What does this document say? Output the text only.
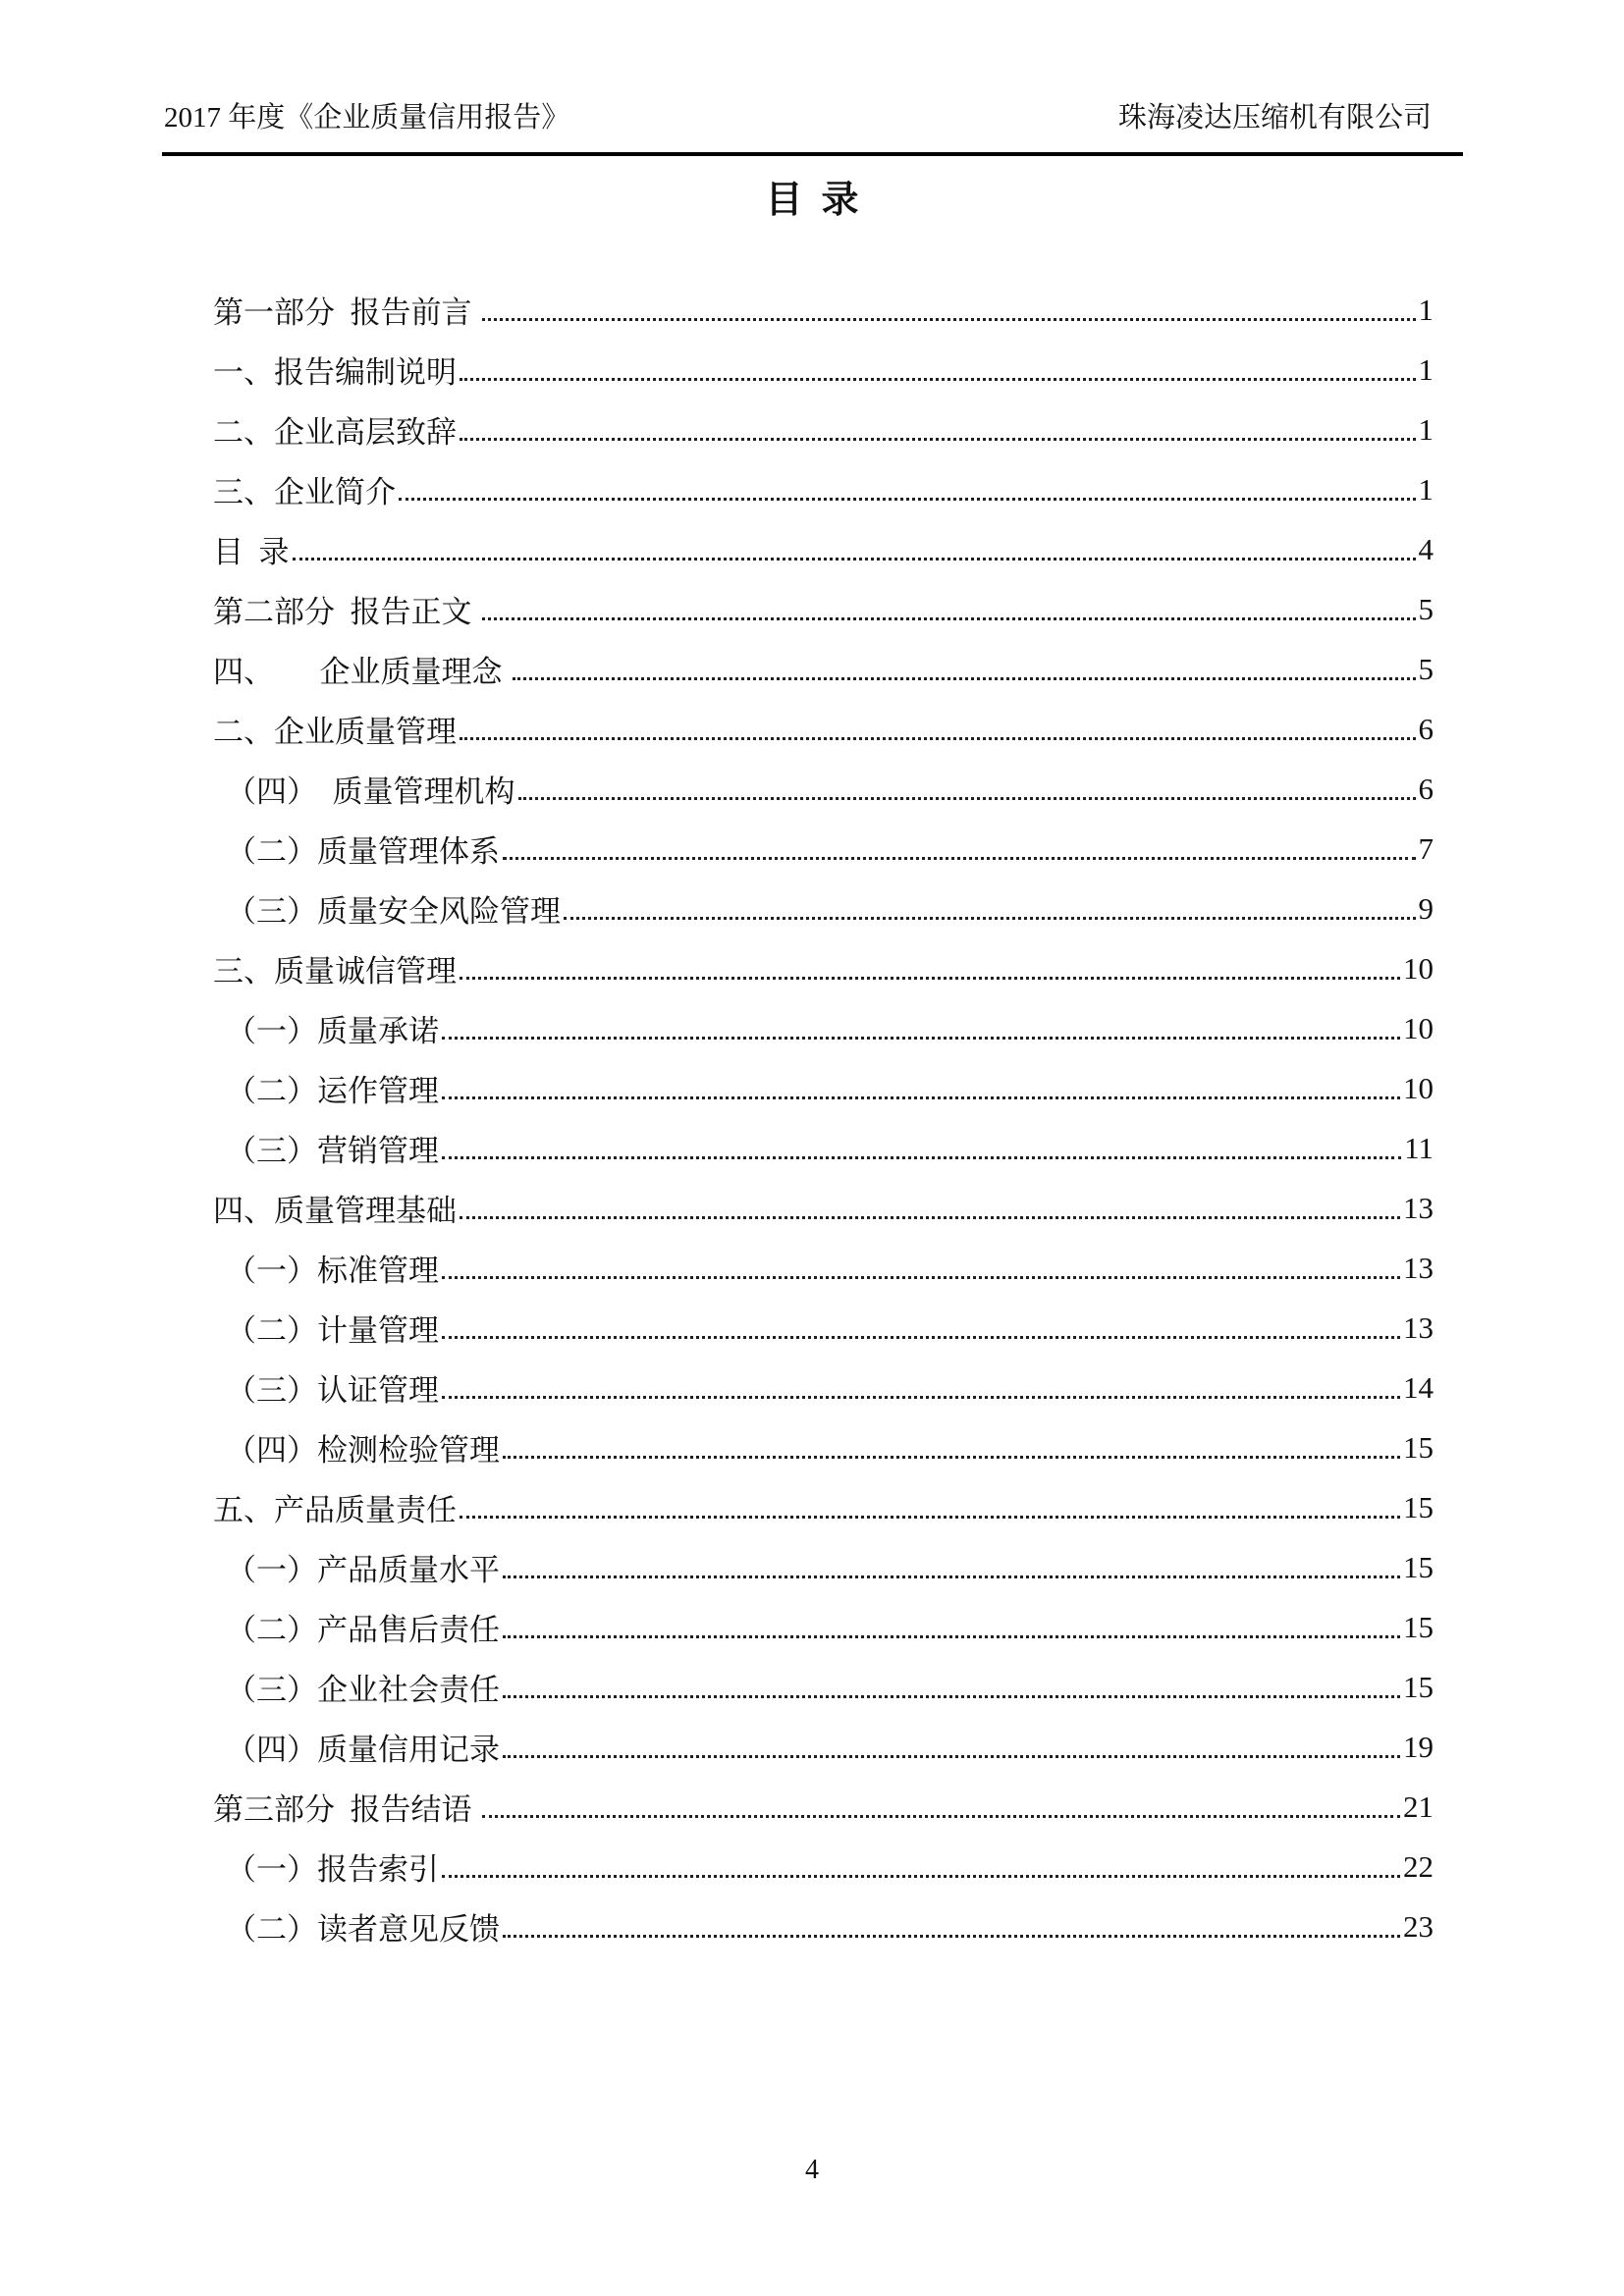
2017 年度《企业质量信用报告》	珠海凌达压缩机有限公司
目  录
第一部分  报告前言	1
一、报告编制说明	1
二、企业高层致辞	1
三、企业简介	1
目  录	4
第二部分  报告正文	5
四、　　企业质量理念	5
二、企业质量管理	6
（四）　质量管理机构	6
（二）质量管理体系	7
（三）质量安全风险管理	9
三、质量诚信管理	10
（一）质量承诺	10
（二）运作管理	10
（三）营销管理	11
四、质量管理基础	13
（一）标准管理	13
（二）计量管理	13
（三）认证管理	14
（四）检测检验管理	15
五、产品质量责任	15
（一）产品质量水平	15
（二）产品售后责任	15
（三）企业社会责任	15
（四）质量信用记录	19
第三部分  报告结语	21
（一）报告索引	22
（二）读者意见反馈	23
4
